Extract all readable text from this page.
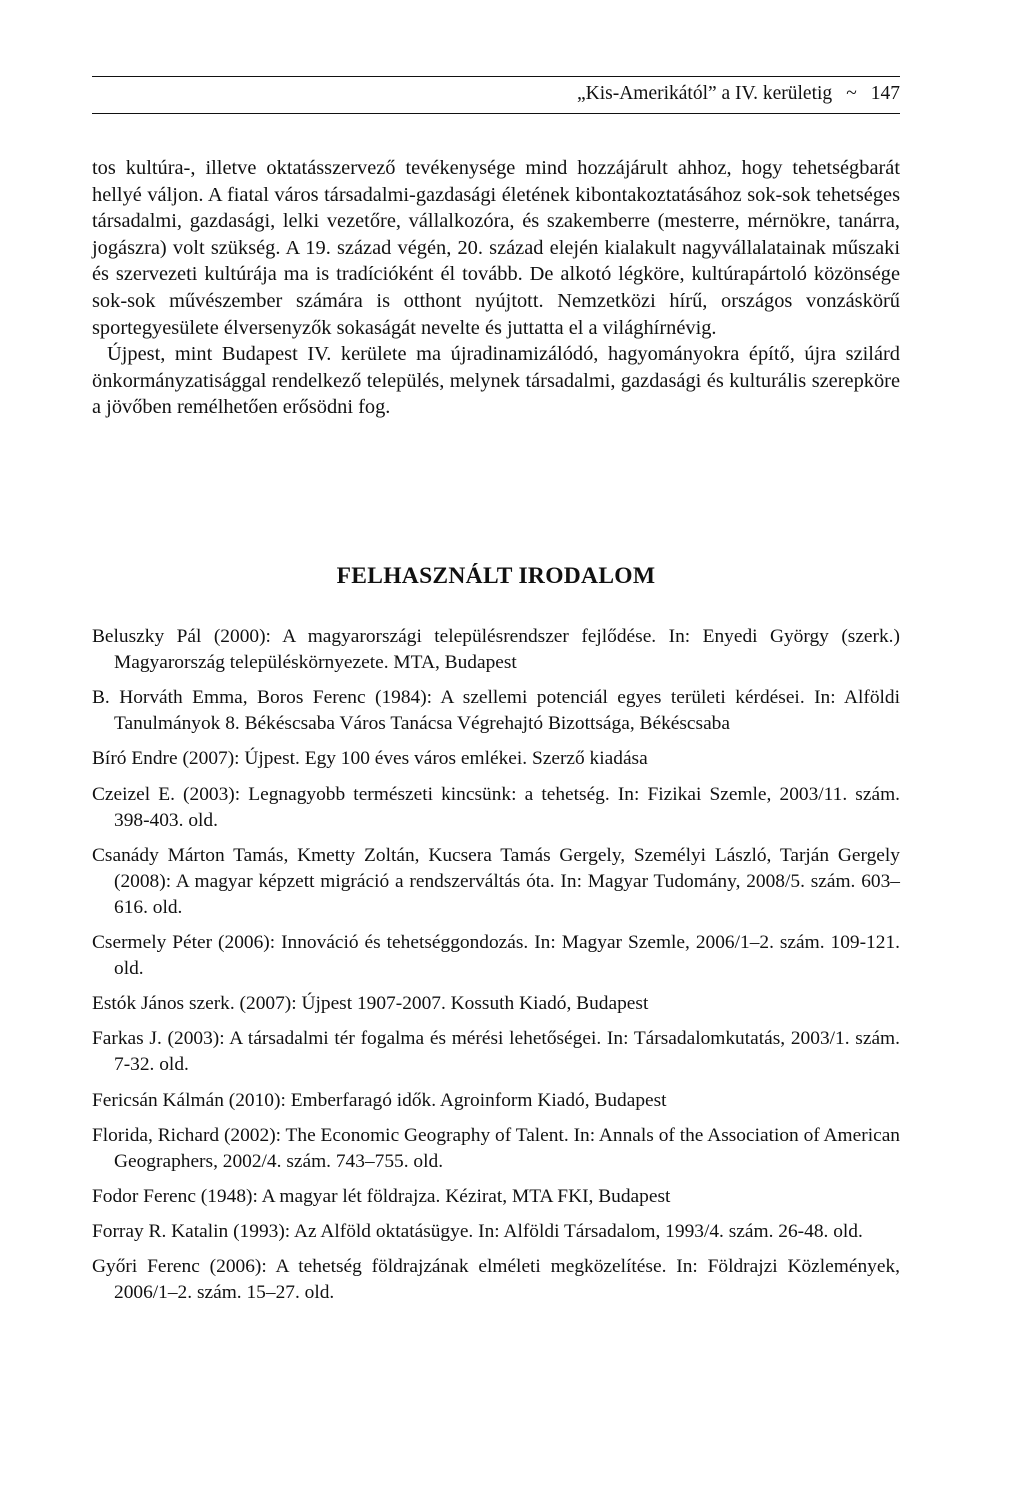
„Kis-Amerikától” a IV. kerületig ~ 147

tos kultúra-, illetve oktatásszervező tevékenysége mind hozzájárult ahhoz, hogy tehetségbarát hellyé váljon. A fiatal város társadalmi-gazdasági életének kibontakoztatásához sok-sok tehetséges társadalmi, gazdasági, lelki vezetőre, vállalkozóra, és szakemberre (mesterre, mérnökre, tanárra, jogászra) volt szükség. A 19. század végén, 20. század elején kialakult nagyvállalatainak műszaki és szervezeti kultúrája ma is tradícióként él tovább. De alkotó légköre, kultúrapártoló közönsége sok-sok művészember számára is otthont nyújtott. Nemzetközi hírű, országos vonzáskörű sportegyesülete élversenyzők sokaságát nevelte és juttatta el a világhírnévig.

Újpest, mint Budapest IV. kerülete ma újradinamizálódó, hagyományokra építő, újra szilárd önkormányzatisággal rendelkező település, melynek társadalmi, gazdasági és kulturális szerepköre a jövőben remélhetően erősödni fog.

FELHASZNÁLT IRODALOM

Beluszky Pál (2000): A magyarországi településrendszer fejlődése. In: Enyedi György (szerk.) Magyarország településkörnyezete. MTA, Budapest

B. Horváth Emma, Boros Ferenc (1984): A szellemi potenciál egyes területi kérdései. In: Alföldi Tanulmányok 8. Békéscsaba Város Tanácsa Végrehajtó Bizottsága, Békéscsaba

Bíró Endre (2007): Újpest. Egy 100 éves város emlékei. Szerző kiadása

Czeizel E. (2003): Legnagyobb természeti kincsünk: a tehetség. In: Fizikai Szemle, 2003/11. szám. 398-403. old.

Csanády Márton Tamás, Kmetty Zoltán, Kucsera Tamás Gergely, Személyi László, Tarján Gergely (2008): A magyar képzett migráció a rendszerváltás óta. In: Magyar Tudomány, 2008/5. szám. 603–616. old.

Csermely Péter (2006): Innováció és tehetséggondozás. In: Magyar Szemle, 2006/1–2. szám. 109-121. old.

Estók János szerk. (2007): Újpest 1907-2007. Kossuth Kiadó, Budapest

Farkas J. (2003): A társadalmi tér fogalma és mérési lehetőségei. In: Társadalomkutatás, 2003/1. szám. 7-32. old.

Fericsán Kálmán (2010): Emberfaragó idők. Agroinform Kiadó, Budapest

Florida, Richard (2002): The Economic Geography of Talent. In: Annals of the Association of American Geographers, 2002/4. szám. 743–755. old.

Fodor Ferenc (1948): A magyar lét földrajza. Kézirat, MTA FKI, Budapest

Forray R. Katalin (1993): Az Alföld oktatásügye. In: Alföldi Társadalom, 1993/4. szám. 26-48. old.

Győri Ferenc (2006): A tehetség földrajzának elméleti megközelítése. In: Földrajzi Közlemények, 2006/1–2. szám. 15–27. old.
